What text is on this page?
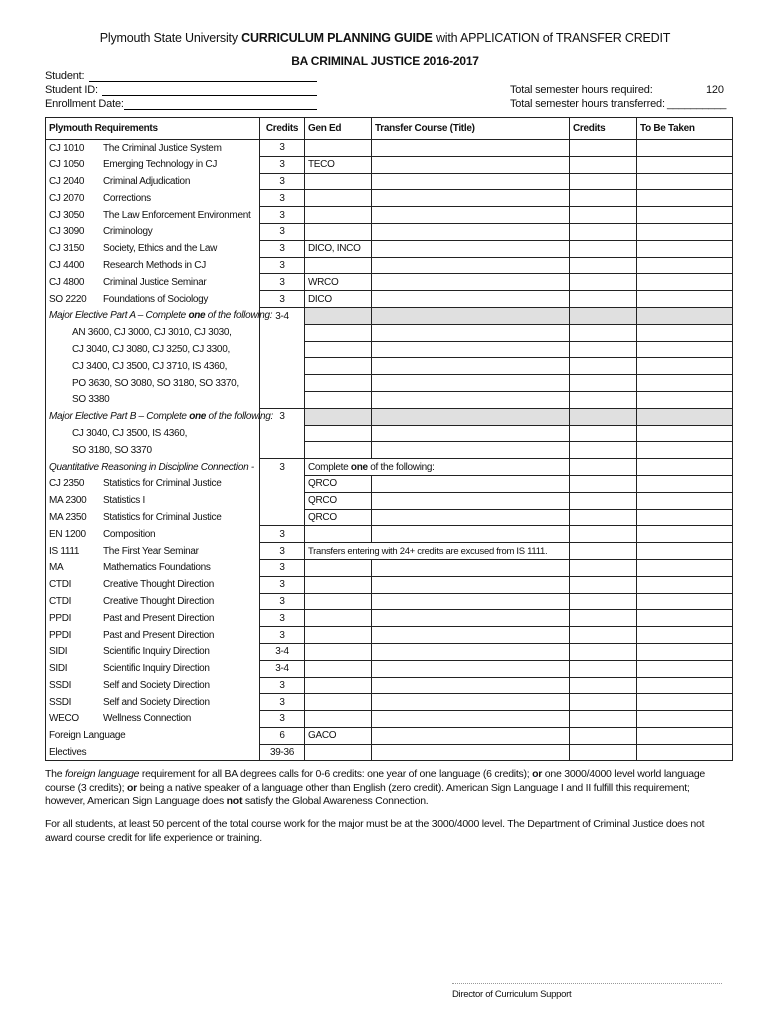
Plymouth State University CURRICULUM PLANNING GUIDE with APPLICATION of TRANSFER CREDIT
BA CRIMINAL JUSTICE 2016-2017
Student:
Student ID:
Enrollment Date:
Total semester hours required:	120
Total semester hours transferred: __________
Plymouth Requirements	Credits	Gen Ed	Transfer Course (Title)	Credits	To Be Taken
CJ 1010 The Criminal Justice System	3				
CJ 1050 Emerging Technology in CJ	3	TECO			
CJ 2040 Criminal Adjudication	3				
CJ 2070 Corrections	3				
CJ 3050 The Law Enforcement Environment	3				
CJ 3090 Criminology	3				
CJ 3150 Society, Ethics and the Law	3	DICO, INCO			
CJ 4400 Research Methods in CJ	3				
CJ 4800 Criminal Justice Seminar	3	WRCO			
SO 2220 Foundations of Sociology	3	DICO			
Major Elective Part A – Complete one of the following:	3-4				
AN 3600, CJ 3000, CJ 3010, CJ 3030,					
CJ 3040, CJ 3080, CJ 3250, CJ 3300,					
CJ 3400, CJ 3500, CJ 3710, IS 4360,					
PO 3630, SO 3080, SO 3180, SO 3370,					
SO 3380					
Major Elective Part B – Complete one of the following:	3				
CJ 3040, CJ 3500, IS 4360,					
SO 3180, SO 3370					
Quantitative Reasoning in Discipline Connection -	3	Complete one of the following:			
CJ 2350 Statistics for Criminal Justice		QRCO			
MA 2300 Statistics I		QRCO			
MA 2350 Statistics for Criminal Justice		QRCO			
EN 1200 Composition	3				
IS 1111 The First Year Seminar	3	Transfers entering with 24+ credits are excused from IS 1111.			
MA Mathematics Foundations	3				
CTDI Creative Thought Direction	3				
CTDI Creative Thought Direction	3				
PPDI Past and Present Direction	3				
PPDI Past and Present Direction	3				
SIDI Scientific Inquiry Direction	3-4				
SIDI Scientific Inquiry Direction	3-4				
SSDI Self and Society Direction	3				
SSDI Self and Society Direction	3				
WECO Wellness Connection	3				
Foreign Language	6	GACO			
Electives	39-36				
The foreign language requirement for all BA degrees calls for 0-6 credits: one year of one language (6 credits); or one 3000/4000 level world language course (3 credits); or being a native speaker of a language other than English (zero credit). American Sign Language I and II fulfill this requirement; however, American Sign Language does not satisfy the Global Awareness Connection.
For all students, at least 50 percent of the total course work for the major must be at the 3000/4000 level. The Department of Criminal Justice does not award course credit for life experience or training.
Director of Curriculum Support
